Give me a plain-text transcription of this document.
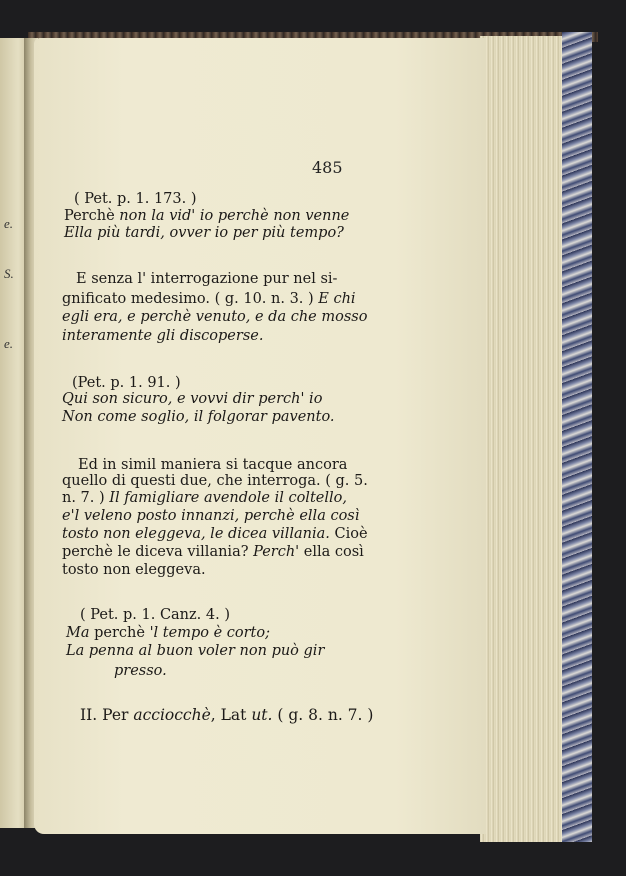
e.
S.
e.
485
( Pet. p. 1. 173. )
Perchè non la vid' io perchè non venne
Ella più tardi, ovver io per più tempo?
E senza l' interrogazione pur nel si-
gnificato medesimo. ( g. 10. n. 3. ) E chi
egli era, e perchè venuto, e da che mosso
interamente gli discoperse.
(Pet. p. 1. 91. )
Qui son sicuro, e vovvi dir perch' io
Non come soglio, il folgorar pavento.
Ed in simil maniera si tacque ancora
quello di questi due, che interroga. ( g. 5.
n. 7. ) Il famigliare avendole il coltello,
e'l veleno posto innanzi, perchè ella così
tosto non eleggeva, le dicea villania. Cioè
perchè le diceva villania? Perch' ella così
tosto non eleggeva.
( Pet. p. 1. Canz. 4. )
Ma perchè 'l tempo è corto;
La penna al buon voler non può gir
presso.
II. Per acciocchè, Lat ut. ( g. 8. n. 7. )
